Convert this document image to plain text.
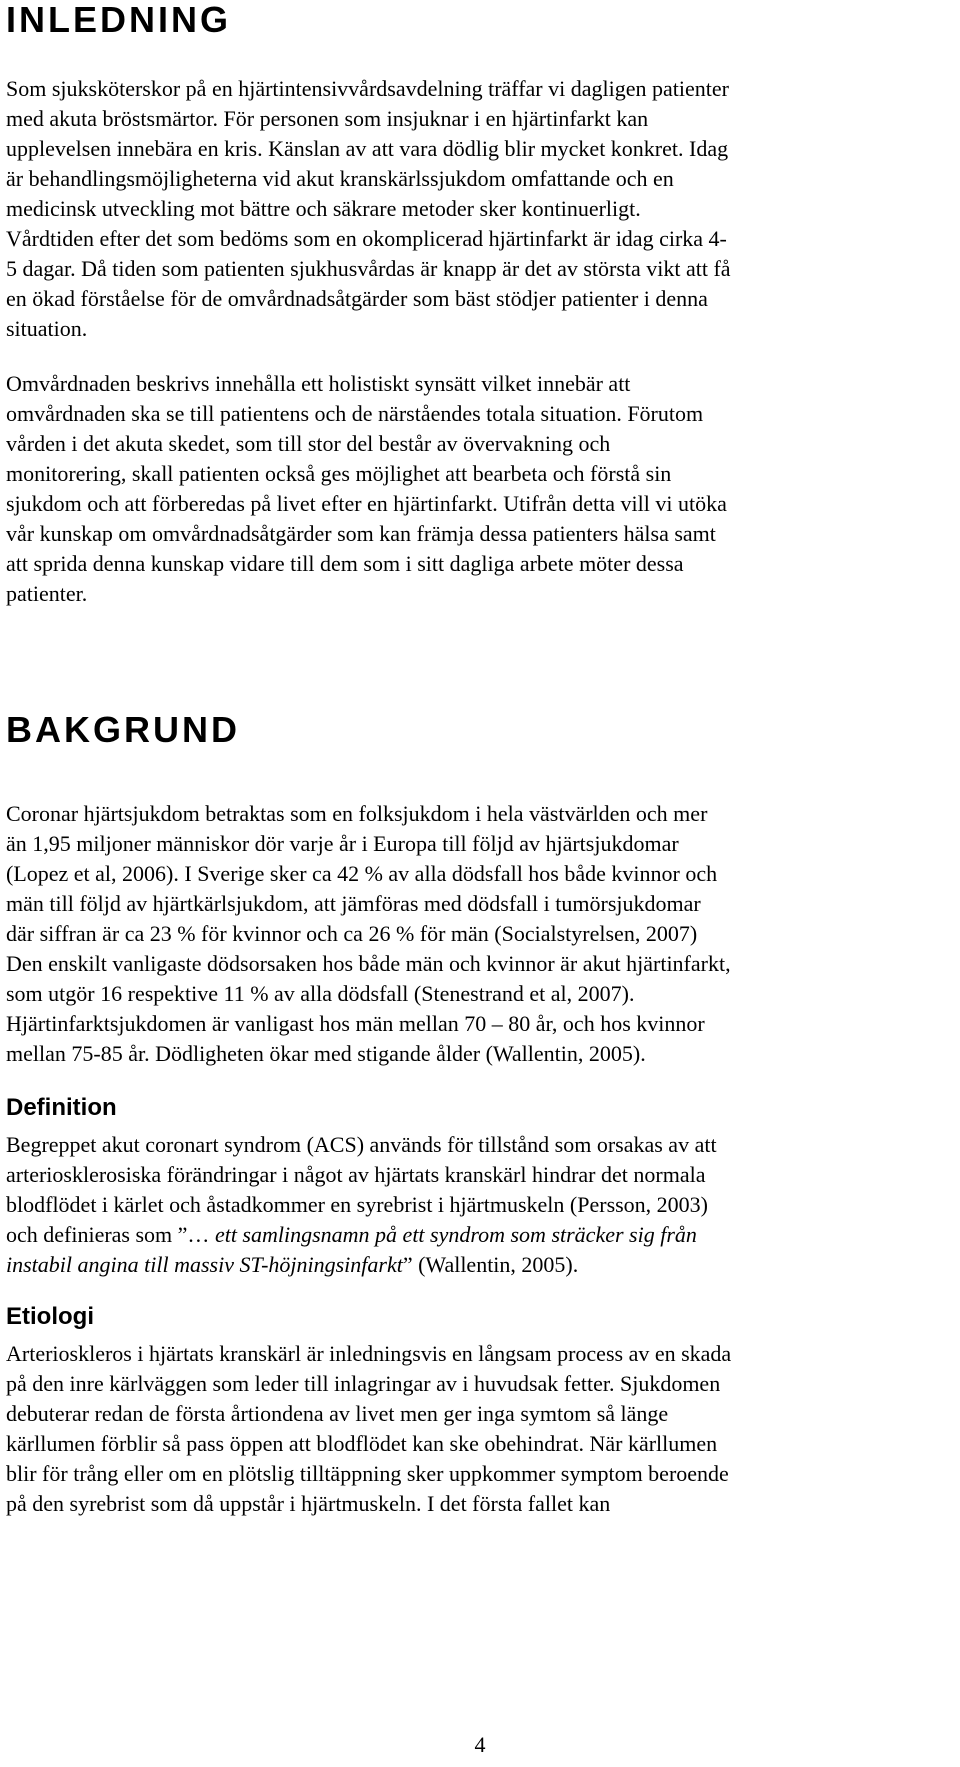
INLEDNING
Som sjuksköterskor på en hjärtintensivvårdsavdelning träffar vi dagligen patienter
med akuta bröstsmärtor. För personen som insjuknar i en hjärtinfarkt kan
upplevelsen innebära en kris. Känslan av att vara dödlig blir mycket konkret. Idag
är behandlingsmöjligheterna vid akut kranskärlssjukdom omfattande och en
medicinsk utveckling mot bättre och säkrare metoder sker kontinuerligt.
Vårdtiden efter det som bedöms som en okomplicerad hjärtinfarkt är idag cirka 4-
5 dagar. Då tiden som patienten sjukhusvårdas är knapp är det av största vikt att få
en ökad förståelse för de omvårdnadsåtgärder som bäst stödjer patienter i denna
situation.
Omvårdnaden beskrivs innehålla ett holistiskt synsätt vilket innebär att
omvårdnaden ska se till patientens och de närståendes totala situation. Förutom
vården i det akuta skedet, som till stor del består av övervakning och
monitorering, skall patienten också ges möjlighet att bearbeta och förstå sin
sjukdom och att förberedas på livet efter en hjärtinfarkt. Utifrån detta vill vi utöka
vår kunskap om omvårdnadsåtgärder som kan främja dessa patienters hälsa samt
att sprida denna kunskap vidare till dem som i sitt dagliga arbete möter dessa
patienter.
BAKGRUND
Coronar hjärtsjukdom betraktas som en folksjukdom i hela västvärlden och mer
än 1,95 miljoner människor dör varje år i Europa till följd av hjärtsjukdomar
(Lopez et al, 2006). I Sverige sker ca 42 % av alla dödsfall hos både kvinnor och
män till följd av hjärtkärlsjukdom, att jämföras med dödsfall i tumörsjukdomar
där siffran är ca 23 % för kvinnor och ca 26 % för män (Socialstyrelsen, 2007)
Den enskilt vanligaste dödsorsaken hos både män och kvinnor är akut hjärtinfarkt,
som utgör 16 respektive 11 % av alla dödsfall (Stenestrand et al, 2007).
Hjärtinfarktsjukdomen är vanligast hos män mellan 70 – 80 år, och hos kvinnor
mellan 75-85 år. Dödligheten ökar med stigande ålder (Wallentin, 2005).
Definition
Begreppet akut coronart syndrom (ACS) används för tillstånd som orsakas av att
arteriosklerosiska förändringar i något av hjärtats kranskärl hindrar det normala
blodflödet i kärlet och åstadkommer en syrebrist i hjärtmuskeln (Persson, 2003)
och definieras som ”… ett samlingsnamn på ett syndrom som sträcker sig från
instabil angina till massiv ST-höjningsinfarkt” (Wallentin, 2005).
Etiologi
Arterioskleros i hjärtats kranskärl är inledningsvis en långsam process av en skada
på den inre kärlväggen som leder till inlagringar av i huvudsak fetter. Sjukdomen
debuterar redan de första årtiondena av livet men ger inga symtom så länge
kärllumen förblir så pass öppen att blodflödet kan ske obehindrat. När kärllumen
blir för trång eller om en plötslig tilltäppning sker uppkommer symptom beroende
på den syrebrist som då uppstår i hjärtmuskeln. I det första fallet kan
4
